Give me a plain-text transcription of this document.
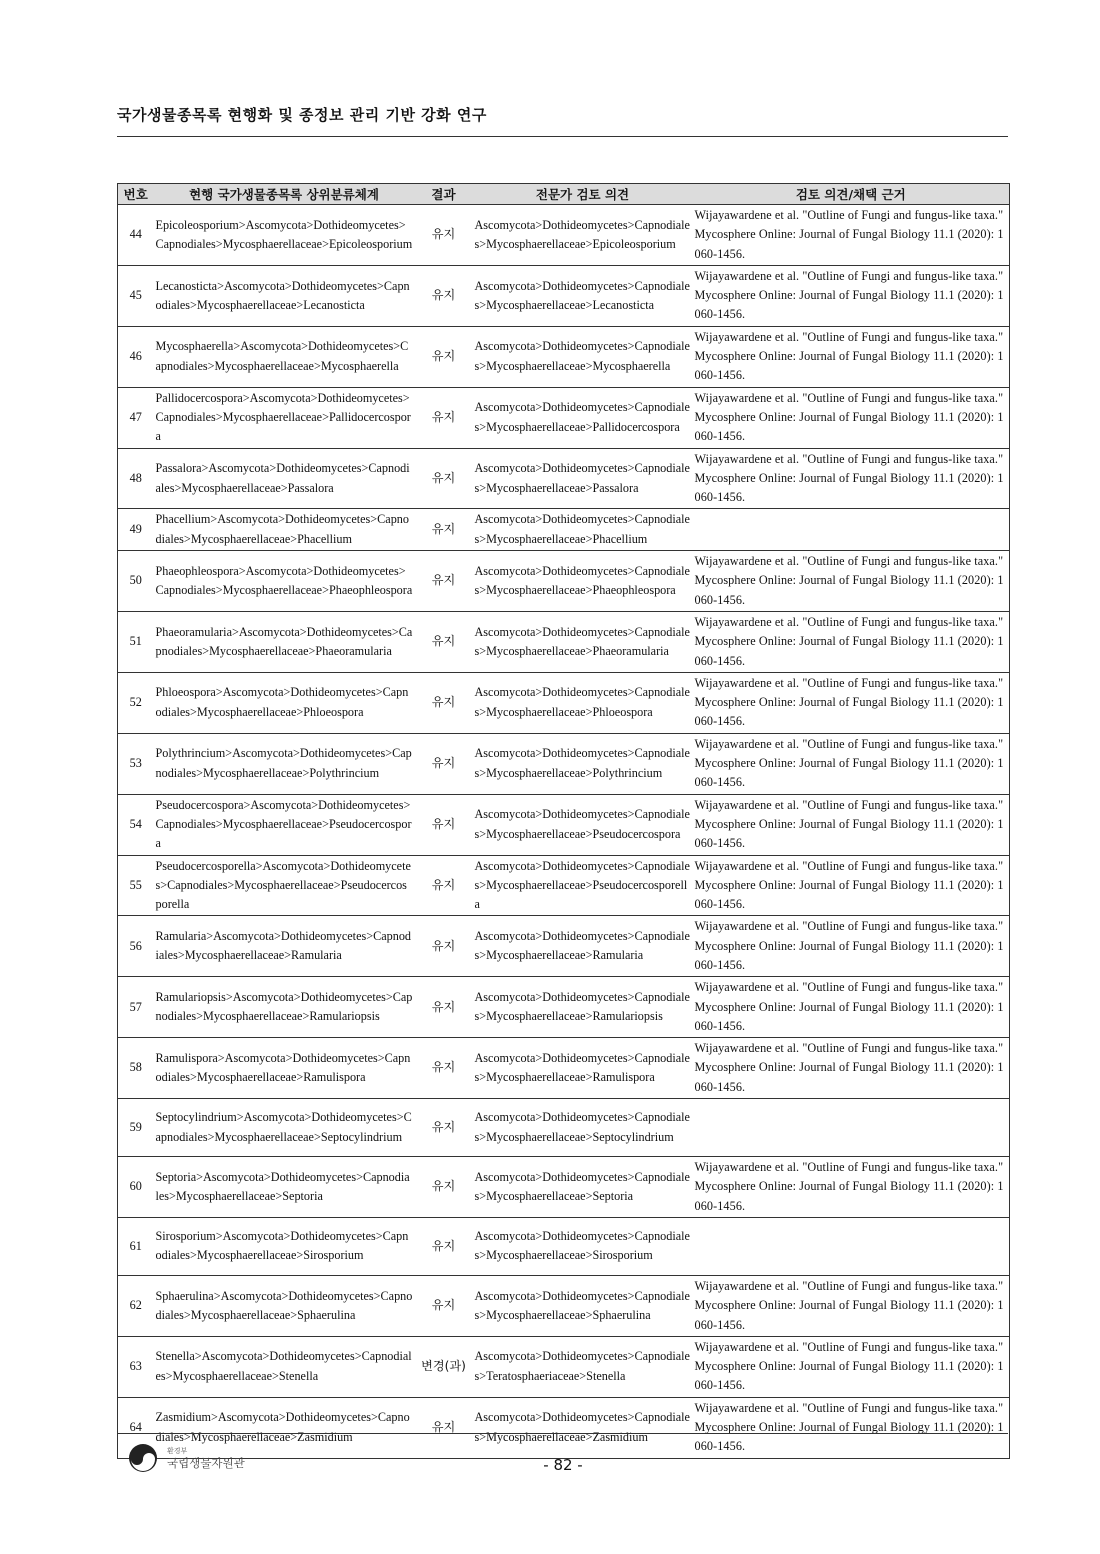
국가생물종목록 현행화 및 종정보 관리 기반 강화 연구
번호	현행 국가생물종목록 상위분류체계	결과	전문가 검토 의견	검토 의견/채택 근거
44	Epicoleosporium>Ascomycota>Dothideomycetes>Capnodiales>Mycosphaerellaceae>Epicoleosporium	유지	Ascomycota>Dothideomycetes>Capnodiales>Mycosphaerellaceae>Epicoleosporium	Wijayawardene et al. "Outline of Fungi and fungus-like taxa." Mycosphere Online: Journal of Fungal Biology 11.1 (2020): 1060-1456.
45	Lecanosticta>Ascomycota>Dothideomycetes>Capnodiales>Mycosphaerellaceae>Lecanosticta	유지	Ascomycota>Dothideomycetes>Capnodiales>Mycosphaerellaceae>Lecanosticta	Wijayawardene et al. "Outline of Fungi and fungus-like taxa." Mycosphere Online: Journal of Fungal Biology 11.1 (2020): 1060-1456.
46	Mycosphaerella>Ascomycota>Dothideomycetes>Capnodiales>Mycosphaerellaceae>Mycosphaerella	유지	Ascomycota>Dothideomycetes>Capnodiales>Mycosphaerellaceae>Mycosphaerella	Wijayawardene et al. "Outline of Fungi and fungus-like taxa." Mycosphere Online: Journal of Fungal Biology 11.1 (2020): 1060-1456.
47	Pallidocercospora>Ascomycota>Dothideomycetes>Capnodiales>Mycosphaerellaceae>Pallidocercospora	유지	Ascomycota>Dothideomycetes>Capnodiales>Mycosphaerellaceae>Pallidocercospora	Wijayawardene et al. "Outline of Fungi and fungus-like taxa." Mycosphere Online: Journal of Fungal Biology 11.1 (2020): 1060-1456.
48	Passalora>Ascomycota>Dothideomycetes>Capnodiales>Mycosphaerellaceae>Passalora	유지	Ascomycota>Dothideomycetes>Capnodiales>Mycosphaerellaceae>Passalora	Wijayawardene et al. "Outline of Fungi and fungus-like taxa." Mycosphere Online: Journal of Fungal Biology 11.1 (2020): 1060-1456.
49	Phacellium>Ascomycota>Dothideomycetes>Capnodiales>Mycosphaerellaceae>Phacellium	유지	Ascomycota>Dothideomycetes>Capnodiales>Mycosphaerellaceae>Phacellium	
50	Phaeophleospora>Ascomycota>Dothideomycetes>Capnodiales>Mycosphaerellaceae>Phaeophleospora	유지	Ascomycota>Dothideomycetes>Capnodiales>Mycosphaerellaceae>Phaeophleospora	Wijayawardene et al. "Outline of Fungi and fungus-like taxa." Mycosphere Online: Journal of Fungal Biology 11.1 (2020): 1060-1456.
51	Phaeoramularia>Ascomycota>Dothideomycetes>Capnodiales>Mycosphaerellaceae>Phaeoramularia	유지	Ascomycota>Dothideomycetes>Capnodiales>Mycosphaerellaceae>Phaeoramularia	Wijayawardene et al. "Outline of Fungi and fungus-like taxa." Mycosphere Online: Journal of Fungal Biology 11.1 (2020): 1060-1456.
52	Phloeospora>Ascomycota>Dothideomycetes>Capnodiales>Mycosphaerellaceae>Phloeospora	유지	Ascomycota>Dothideomycetes>Capnodiales>Mycosphaerellaceae>Phloeospora	Wijayawardene et al. "Outline of Fungi and fungus-like taxa." Mycosphere Online: Journal of Fungal Biology 11.1 (2020): 1060-1456.
53	Polythrincium>Ascomycota>Dothideomycetes>Capnodiales>Mycosphaerellaceae>Polythrincium	유지	Ascomycota>Dothideomycetes>Capnodiales>Mycosphaerellaceae>Polythrincium	Wijayawardene et al. "Outline of Fungi and fungus-like taxa." Mycosphere Online: Journal of Fungal Biology 11.1 (2020): 1060-1456.
54	Pseudocercospora>Ascomycota>Dothideomycetes>Capnodiales>Mycosphaerellaceae>Pseudocercospora	유지	Ascomycota>Dothideomycetes>Capnodiales>Mycosphaerellaceae>Pseudocercospora	Wijayawardene et al. "Outline of Fungi and fungus-like taxa." Mycosphere Online: Journal of Fungal Biology 11.1 (2020): 1060-1456.
55	Pseudocercosporella>Ascomycota>Dothideomycetes>Capnodiales>Mycosphaerellaceae>Pseudocercosporella	유지	Ascomycota>Dothideomycetes>Capnodiales>Mycosphaerellaceae>Pseudocercosporella	Wijayawardene et al. "Outline of Fungi and fungus-like taxa." Mycosphere Online: Journal of Fungal Biology 11.1 (2020): 1060-1456.
56	Ramularia>Ascomycota>Dothideomycetes>Capnodiales>Mycosphaerellaceae>Ramularia	유지	Ascomycota>Dothideomycetes>Capnodiales>Mycosphaerellaceae>Ramularia	Wijayawardene et al. "Outline of Fungi and fungus-like taxa." Mycosphere Online: Journal of Fungal Biology 11.1 (2020): 1060-1456.
57	Ramulariopsis>Ascomycota>Dothideomycetes>Capnodiales>Mycosphaerellaceae>Ramulariopsis	유지	Ascomycota>Dothideomycetes>Capnodiales>Mycosphaerellaceae>Ramulariopsis	Wijayawardene et al. "Outline of Fungi and fungus-like taxa." Mycosphere Online: Journal of Fungal Biology 11.1 (2020): 1060-1456.
58	Ramulispora>Ascomycota>Dothideomycetes>Capnodiales>Mycosphaerellaceae>Ramulispora	유지	Ascomycota>Dothideomycetes>Capnodiales>Mycosphaerellaceae>Ramulispora	Wijayawardene et al. "Outline of Fungi and fungus-like taxa." Mycosphere Online: Journal of Fungal Biology 11.1 (2020): 1060-1456.
59	Septocylindrium>Ascomycota>Dothideomycetes>Capnodiales>Mycosphaerellaceae>Septocylindrium	유지	Ascomycota>Dothideomycetes>Capnodiales>Mycosphaerellaceae>Septocylindrium	
60	Septoria>Ascomycota>Dothideomycetes>Capnodiales>Mycosphaerellaceae>Septoria	유지	Ascomycota>Dothideomycetes>Capnodiales>Mycosphaerellaceae>Septoria	Wijayawardene et al. "Outline of Fungi and fungus-like taxa." Mycosphere Online: Journal of Fungal Biology 11.1 (2020): 1060-1456.
61	Sirosporium>Ascomycota>Dothideomycetes>Capnodiales>Mycosphaerellaceae>Sirosporium	유지	Ascomycota>Dothideomycetes>Capnodiales>Mycosphaerellaceae>Sirosporium	
62	Sphaerulina>Ascomycota>Dothideomycetes>Capnodiales>Mycosphaerellaceae>Sphaerulina	유지	Ascomycota>Dothideomycetes>Capnodiales>Mycosphaerellaceae>Sphaerulina	Wijayawardene et al. "Outline of Fungi and fungus-like taxa." Mycosphere Online: Journal of Fungal Biology 11.1 (2020): 1060-1456.
63	Stenella>Ascomycota>Dothideomycetes>Capnodiales>Mycosphaerellaceae>Stenella	변경(과)	Ascomycota>Dothideomycetes>Capnodiales>Teratosphaeriaceae>Stenella	Wijayawardene et al. "Outline of Fungi and fungus-like taxa." Mycosphere Online: Journal of Fungal Biology 11.1 (2020): 1060-1456.
64	Zasmidium>Ascomycota>Dothideomycetes>Capnodiales>Mycosphaerellaceae>Zasmidium	유지	Ascomycota>Dothideomycetes>Capnodiales>Mycosphaerellaceae>Zasmidium	Wijayawardene et al. "Outline of Fungi and fungus-like taxa." Mycosphere Online: Journal of Fungal Biology 11.1 (2020): 1060-1456.
환경부
국립생물자원관	- 82 -
